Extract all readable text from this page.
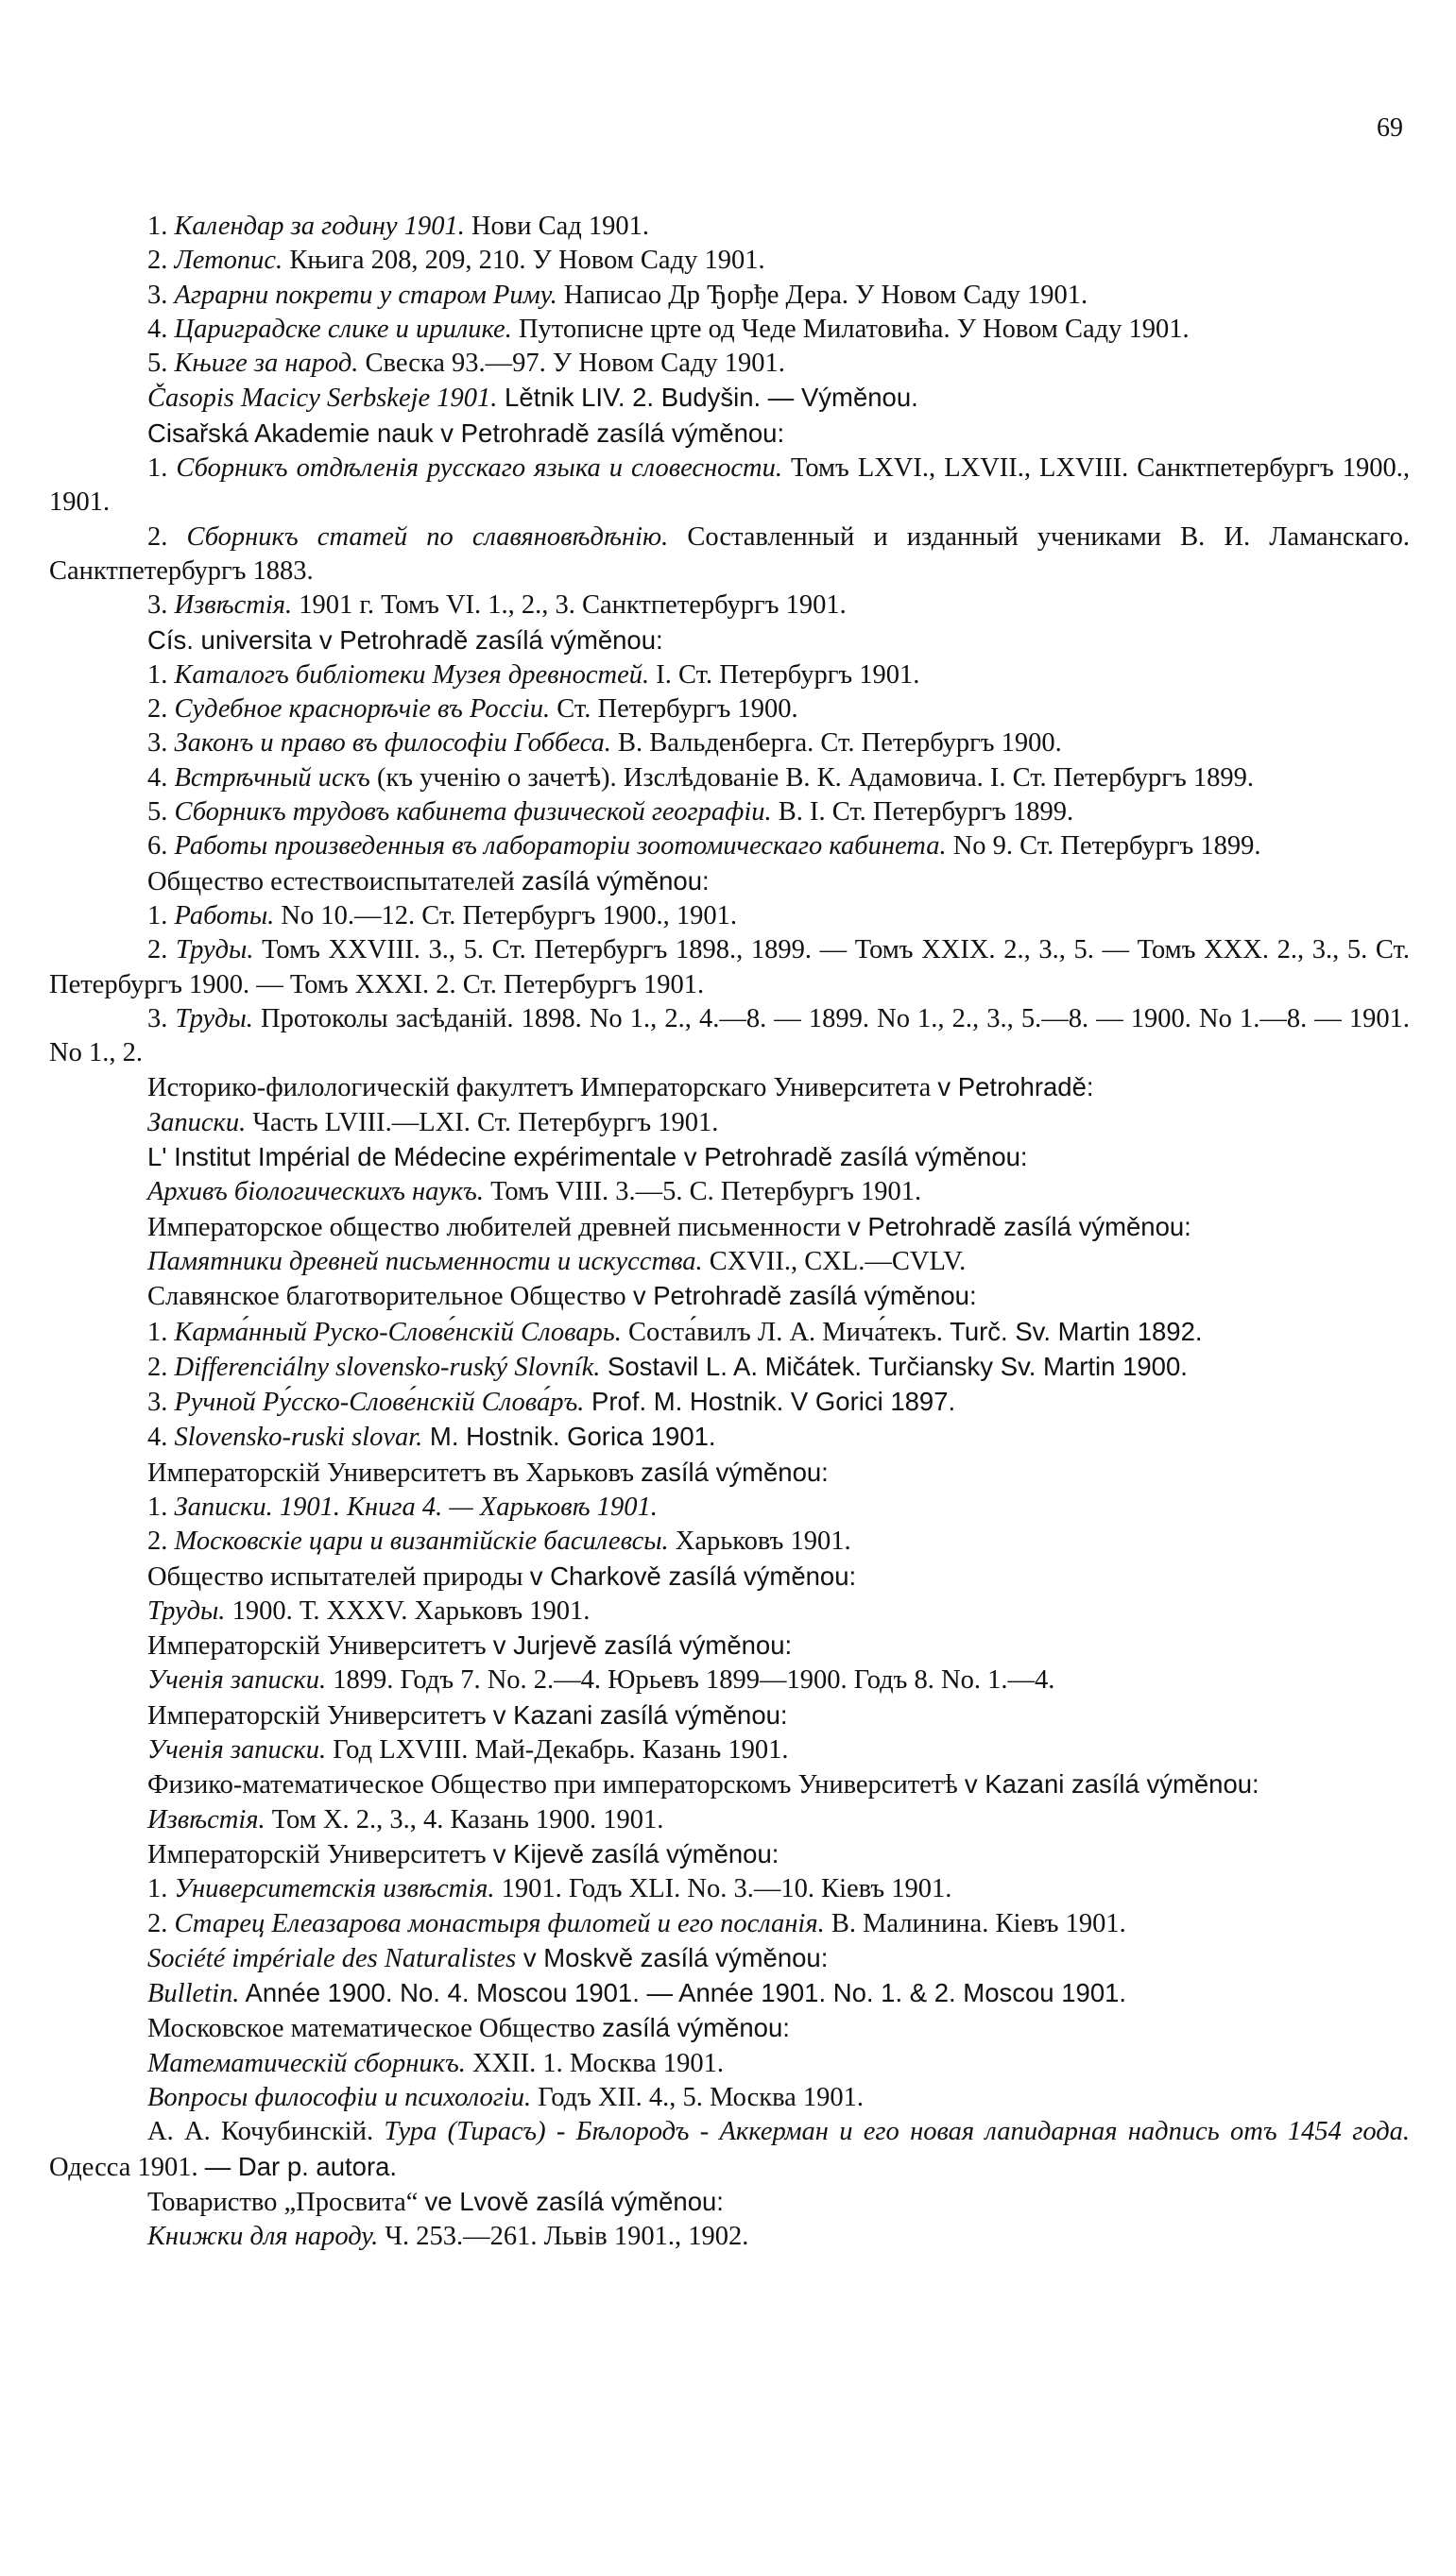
69

1. Календар за годину 1901. Нови Сад 1901.

2. Летопис. Књига 208, 209, 210. У Новом Саду 1901.

3. Аграрни покрети у старом Риму. Написао Др Ђорђе Дера. У Новом Саду 1901.

4. Цариградске слике и ирилике. Путописне црте од Чеде Милатовића. У Новом Саду 1901.

5. Књиге за народ. Свеска 93.—97. У Новом Саду 1901.

Časopis Macicy Serbskeje 1901. Lětnik LIV. 2. Budyšin. — Výměnou.

Cisařská Akademie nauk v Petrohradě zasílá výměnou:

1. Сборникъ отдѣленія русскаго языка и словесности. Томъ LXVI., LXVII., LXVIII. Санктпетербургъ 1900., 1901.

2. Сборникъ статей по славяновѣдѣнію. Составленный и изданный учениками В. И. Ламанскаго. Санктпетербургъ 1883.

3. Извѣстія. 1901 г. Томъ VI. 1., 2., 3. Санктпетербургъ 1901.

Cís. universita v Petrohradě zasílá výměnou:

1. Каталогъ библіотеки Музея древностей. I. Ст. Петербургъ 1901.

2. Судебное краснорѣчіе въ Россіи. Ст. Петербургъ 1900.

3. Законъ и право въ философіи Гоббеса. В. Вальденберга. Ст. Петербургъ 1900.

4. Встрѣчный искъ (къ ученію о зачетѣ). Изслѣдованіе В. К. Адамовича. I. Ст. Петербургъ 1899.

5. Сборникъ трудовъ кабинета физической географіи. В. I. Ст. Петербургъ 1899.

6. Работы произведенныя въ лабораторіи зоотомическаго кабинета. No 9. Ст. Петербургъ 1899.

Общество естествоиспытателей zasílá výměnou:

1. Работы. No 10.—12. Ст. Петербургъ 1900., 1901.

2. Труды. Томъ XXVIII. 3., 5. Ст. Петербургъ 1898., 1899. — Томъ XXIX. 2., 3., 5. — Томъ XXX. 2., 3., 5. Ст. Петербургъ 1900. — Томъ XXXI. 2. Ст. Петербургъ 1901.

3. Труды. Протоколы засѣданій. 1898. No 1., 2., 4.—8. — 1899. No 1., 2., 3., 5.—8. — 1900. No 1.—8. — 1901. No 1., 2.

Историко-филологическій факултетъ Императорскаго Университета v Petrohradě:

Записки. Часть LVIII.—LXI. Ст. Петербургъ 1901.

L' Institut Impérial de Médecine expérimentale v Petrohradě zasílá výměnou:

Архивъ біологическихъ наукъ. Томъ VIII. 3.—5. С. Петербургъ 1901.

Императорское общество любителей древней письменности v Petrohradě zasílá výměnou:

Памятники древней письменности и искусства. CXVII., CXL.—CVLV.

Славянское благотворительное Общество v Petrohradě zasílá výměnou:

1. Карма́нный Руско-Слове́нскій Словарь. Соста́вилъ Л. А. Мича́текъ. Turč. Sv. Martin 1892.

2. Differenciálny slovensko-ruský Slovník. Sostavil L. A. Mičátek. Turčiansky Sv. Martin 1900.

3. Ручной Ру́сско-Слове́нскій Слова́ръ. Prof. M. Hostnik. V Gorici 1897.

4. Slovensko-ruski slovar. M. Hostnik. Gorica 1901.

Императорскій Университетъ въ Харьковъ zasílá výměnou:

1. Записки. 1901. Книга 4. — Харьковѣ 1901.

2. Московскіе цари и византійскіе басилевсы. Харьковъ 1901.

Общество испытателей природы v Charkově zasílá výměnou:

Труды. 1900. Т. XXXV. Харьковъ 1901.

Императорскій Университетъ v Jurjevě zasílá výměnou:

Ученія записки. 1899. Годъ 7. No. 2.—4. Юрьевъ 1899—1900. Годъ 8. No. 1.—4.

Императорскій Университетъ v Kazani zasílá výměnou:

Ученія записки. Год LXVIII. Май-Декабрь. Казань 1901.

Физико-математическое Общество при императорскомъ Университетѣ v Kazani zasílá výměnou:

Извѣстія. Том X. 2., 3., 4. Казань 1900. 1901.

Императорскій Университетъ v Kijevě zasílá výměnou:

1. Университетскія извѣстія. 1901. Годъ XLI. No. 3.—10. Кіевъ 1901.

2. Старец Елеазарова монастыря филотей и его посланія. В. Малинина. Кіевъ 1901.

Société impériale des Naturalistes v Moskvě zasílá výměnou:

Bulletin. Année 1900. No. 4. Moscou 1901. — Année 1901. No. 1. & 2. Moscou 1901.

Московское математическое Общество zasílá výměnou:

Математическій сборникъ. XXII. 1. Москва 1901.

Вопросы философіи и психологіи. Годъ XII. 4., 5. Москва 1901.

А. А. Кочубинскій. Тура (Тирасъ) - Бѣлородъ - Аккерман и его новая лапидарная надпись отъ 1454 года. Одесса 1901. — Dar p. autora.

Товариство „Просвита“ ve Lvově zasílá výměnou:

Книжки для народу. Ч. 253.—261. Львів 1901., 1902.
